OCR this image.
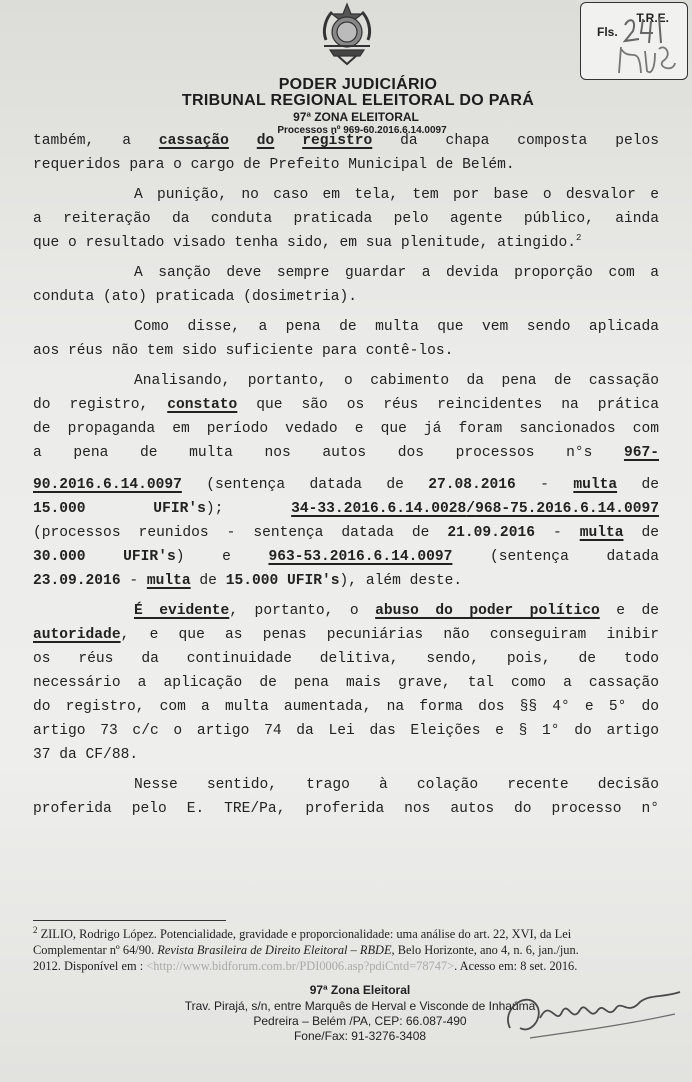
T.R.E.
Fls.
PODER JUDICIÁRIO
TRIBUNAL REGIONAL ELEITORAL DO PARÁ
97ª ZONA ELEITORAL
Processos nº 969-60.2016.6.14.0097
também, a cassação do registro da chapa composta pelos
requeridos para o cargo de Prefeito Municipal de Belém.
A punição, no caso em tela, tem por base o desvalor e
a reiteração da conduta praticada pelo agente público, ainda
que o resultado visado tenha sido, em sua plenitude, atingido.$^2$
A sanção deve sempre guardar a devida proporção com a
conduta (ato) praticada (dosimetria).
Como disse, a pena de multa que vem sendo aplicada
aos réus não tem sido suficiente para contê-los.
Analisando, portanto, o cabimento da pena de cassação
do registro, constato que são os réus reincidentes na prática
de propaganda em período vedado e que já foram sancionados com
a pena de multa nos autos dos processos n°s 967-
90.2016.6.14.0097 (sentença datada de 27.08.2016 - multa de
15.000 UFIR's); 34-33.2016.6.14.0028/968-75.2016.6.14.0097
(processos reunidos - sentença datada de 21.09.2016 - multa de
30.000 UFIR's) e 963-53.2016.6.14.0097 (sentença datada
23.09.2016 - multa de 15.000 UFIR's), além deste.
É evidente, portanto, o abuso do poder político e de
autoridade, e que as penas pecuniárias não conseguiram inibir
os réus da continuidade delitiva, sendo, pois, de todo
necessário a aplicação de pena mais grave, tal como a cassação
do registro, com a multa aumentada, na forma dos §§ 4° e 5° do
artigo 73 c/c o artigo 74 da Lei das Eleições e § 1° do artigo
37 da CF/88.
Nesse sentido, trago à colação recente decisão
proferida pelo E. TRE/Pa, proferida nos autos do processo n°
$^2$ ZILIO, Rodrigo López. Potencialidade, gravidade e proporcionalidade: uma análise do art. 22, XVI, da Lei
Complementar nº 64/90. Revista Brasileira de Direito Eleitoral – RBDE, Belo Horizonte, ano 4, n. 6, jan./jun.
2012. Disponível em : <http://www.bidforum.com.br/PDI0006.asp?pdiCntd=78747>. Acesso em: 8 set. 2016.
97ª Zona Eleitoral
Trav. Pirajá, s/n, entre Marquês de Herval e Visconde de Inhaúma
Pedreira – Belém /PA, CEP: 66.087-490
Fone/Fax: 91-3276-3408
